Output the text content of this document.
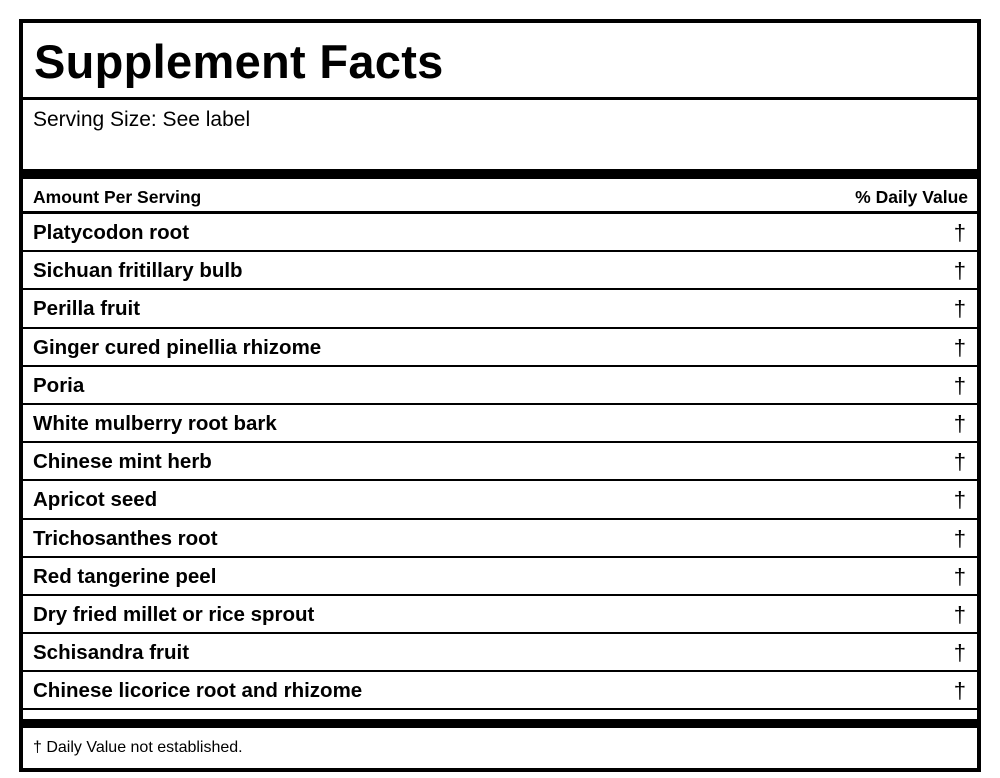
Supplement Facts
Serving Size: See label
Amount Per Serving	% Daily Value
Platycodon root	†
Sichuan fritillary bulb	†
Perilla fruit	†
Ginger cured pinellia rhizome	†
Poria	†
White mulberry root bark	†
Chinese mint herb	†
Apricot seed	†
Trichosanthes root	†
Red tangerine peel	†
Dry fried millet or rice sprout	†
Schisandra fruit	†
Chinese licorice root and rhizome	†
† Daily Value not established.
